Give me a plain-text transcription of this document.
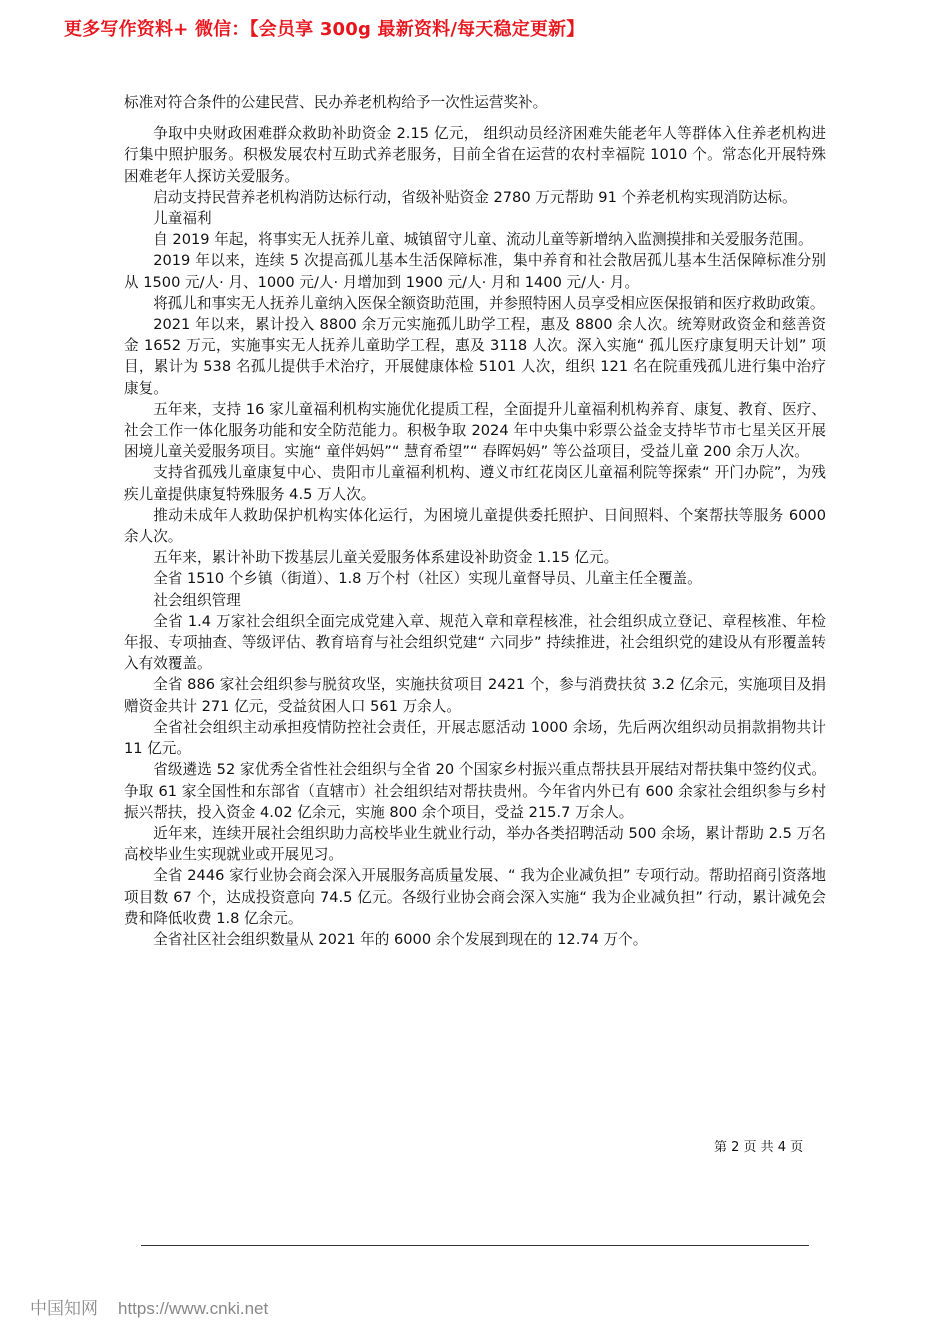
更多写作资料+ 微信：【会员享 300g 最新资料/每天稳定更新】

标准对符合条件的公建民营、民办养老机构给予一次性运营奖补。

争取中央财政困难群众救助补助资金 2.15 亿元， 组织动员经济困难失能老年人等群体入住养老机构进行集中照护服务。积极发展农村互助式养老服务，目前全省在运营的农村幸福院 1010 个。常态化开展特殊困难老年人探访关爱服务。

启动支持民营养老机构消防达标行动，省级补贴资金 2780 万元帮助 91 个养老机构实现消防达标。

儿童福利

自 2019 年起，将事实无人抚养儿童、城镇留守儿童、流动儿童等新增纳入监测摸排和关爱服务范围。

2019 年以来，连续 5 次提高孤儿基本生活保障标准，集中养育和社会散居孤儿基本生活保障标准分别从 1500 元/人· 月、1000 元/人· 月增加到 1900 元/人· 月和 1400 元/人· 月。

将孤儿和事实无人抚养儿童纳入医保全额资助范围，并参照特困人员享受相应医保报销和医疗救助政策。

2021 年以来，累计投入 8800 余万元实施孤儿助学工程，惠及 8800 余人次。统筹财政资金和慈善资金 1652 万元，实施事实无人抚养儿童助学工程，惠及 3118 人次。深入实施“ 孤儿医疗康复明天计划” 项目，累计为 538 名孤儿提供手术治疗，开展健康体检 5101 人次，组织 121 名在院重残孤儿进行集中治疗康复。

五年来，支持 16 家儿童福利机构实施优化提质工程，全面提升儿童福利机构养育、康复、教育、医疗、社会工作一体化服务功能和安全防范能力。积极争取 2024 年中央集中彩票公益金支持毕节市七星关区开展困境儿童关爱服务项目。实施“ 童伴妈妈”“ 慧育希望”“ 春晖妈妈” 等公益项目，受益儿童 200 余万人次。

支持省孤残儿童康复中心、贵阳市儿童福利机构、遵义市红花岗区儿童福利院等探索“ 开门办院”，为残疾儿童提供康复特殊服务 4.5 万人次。

推动未成年人救助保护机构实体化运行，为困境儿童提供委托照护、日间照料、个案帮扶等服务 6000 余人次。

五年来，累计补助下拨基层儿童关爱服务体系建设补助资金 1.15 亿元。

全省 1510 个乡镇（街道）、1.8 万个村（社区）实现儿童督导员、儿童主任全覆盖。

社会组织管理

全省 1.4 万家社会组织全面完成党建入章、规范入章和章程核准，社会组织成立登记、章程核准、年检年报、专项抽查、等级评估、教育培育与社会组织党建“ 六同步” 持续推进，社会组织党的建设从有形覆盖转入有效覆盖。

全省 886 家社会组织参与脱贫攻坚，实施扶贫项目 2421 个，参与消费扶贫 3.2 亿余元，实施项目及捐赠资金共计 271 亿元，受益贫困人口 561 万余人。

全省社会组织主动承担疫情防控社会责任，开展志愿活动 1000 余场，先后两次组织动员捐款捐物共计 11 亿元。

省级遴选 52 家优秀全省性社会组织与全省 20 个国家乡村振兴重点帮扶县开展结对帮扶集中签约仪式。争取 61 家全国性和东部省（直辖市）社会组织结对帮扶贵州。今年省内外已有 600 余家社会组织参与乡村振兴帮扶，投入资金 4.02 亿余元，实施 800 余个项目，受益 215.7 万余人。

近年来，连续开展社会组织助力高校毕业生就业行动，举办各类招聘活动 500 余场，累计帮助 2.5 万名高校毕业生实现就业或开展见习。

全省 2446 家行业协会商会深入开展服务高质量发展、“ 我为企业减负担” 专项行动。帮助招商引资落地项目数 67 个，达成投资意向 74.5 亿元。各级行业协会商会深入实施“ 我为企业减负担” 行动，累计减免会费和降低收费 1.8 亿余元。

全省社区社会组织数量从 2021 年的 6000 余个发展到现在的 12.74 万个。

第 2 页 共 4 页
中国知网 https://www.cnki.net
